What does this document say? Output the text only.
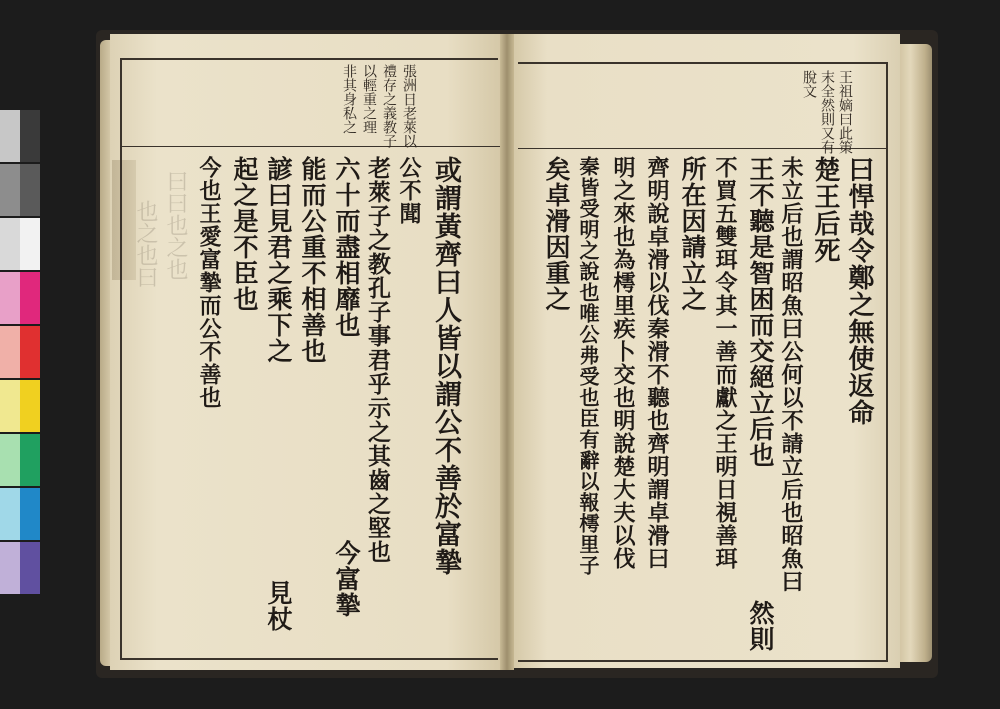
張洲日老萊以
禮存之義教子
以輕重之理
非其身私之
或謂黃齊曰人皆以謂公不善於富摯
公不聞
老萊子之教孔子事君乎示之其齒之堅也
六十而盡相靡也
今富摯
能而公重不相善也
諺曰見君之乘下之
見杖
起之是不臣也
今也王愛富摯而公不善也
曰曰也之也
也之也曰
王祖嫡曰此策
末全然則又有
脫文
曰悍哉令鄭之無使返命
楚王后死
未立后也謂昭魚曰公何以不請立后也昭魚曰
王不聽是智困而交絕立后也
然則
不買五雙珥令其一善而獻之王明日視善珥
所在因請立之
齊明說卓滑以伐秦滑不聽也齊明謂卓滑曰
明之來也為樗里疾卜交也明說楚大夫以伐
秦皆受明之說也唯公弗受也臣有辭以報樗里子
矣卓滑因重之
